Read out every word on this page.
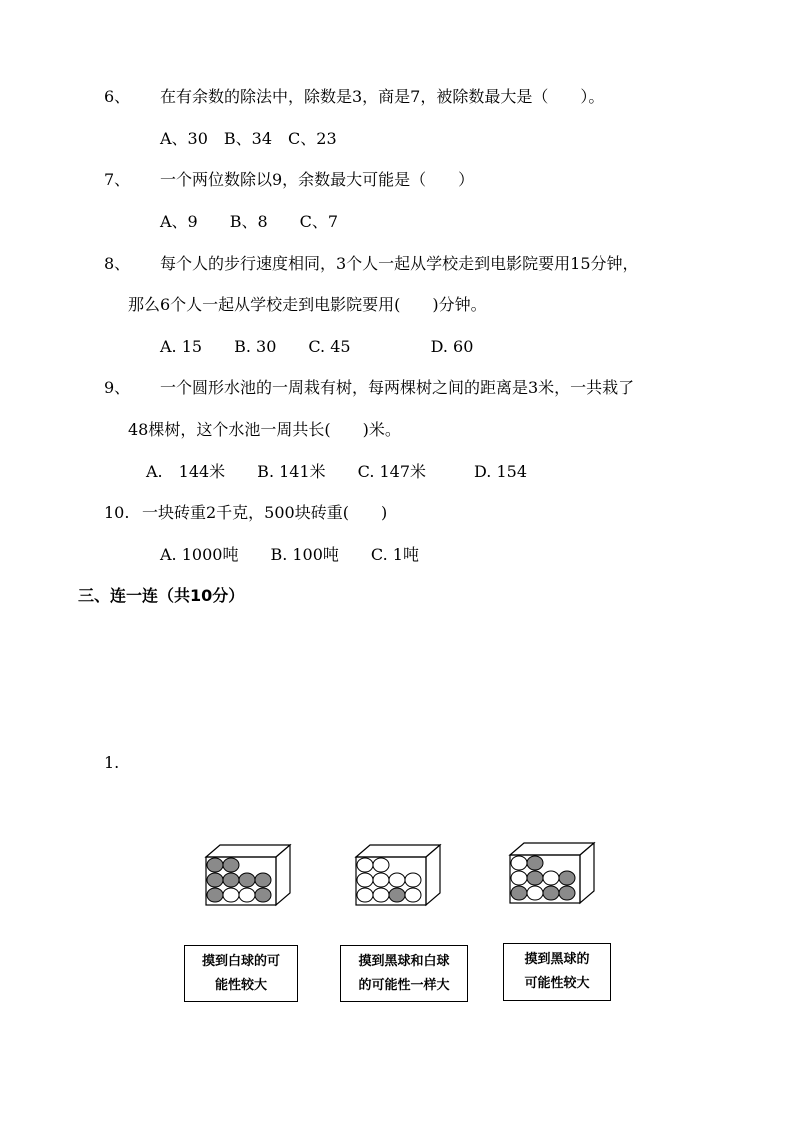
6、 在有余数的除法中，除数是3，商是7，被除数最大是（　　）。
A、30　B、34　C、23
7、 一个两位数除以9，余数最大可能是（　　）
A、9　　B、8　　C、7
8、 每个人的步行速度相同，3个人一起从学校走到电影院要用15分钟，
那么6个人一起从学校走到电影院要用(　　)分钟。
A. 15　　B. 30　　C. 45　　　　　D. 60
9、 一个圆形水池的一周栽有树，每两棵树之间的距离是3米，一共栽了
48棵树，这个水池一周共长(　　)米。
A.　144米　　B. 141米　　C. 147米　　　D. 154
10. 一块砖重2千克，500块砖重(　　)
A. 1000吨　　B. 100吨　　C. 1吨
三、连一连（共10分）
1.
摸到白球的可
能性较大
摸到黑球和白球
的可能性一样大
摸到黑球的
可能性较大
